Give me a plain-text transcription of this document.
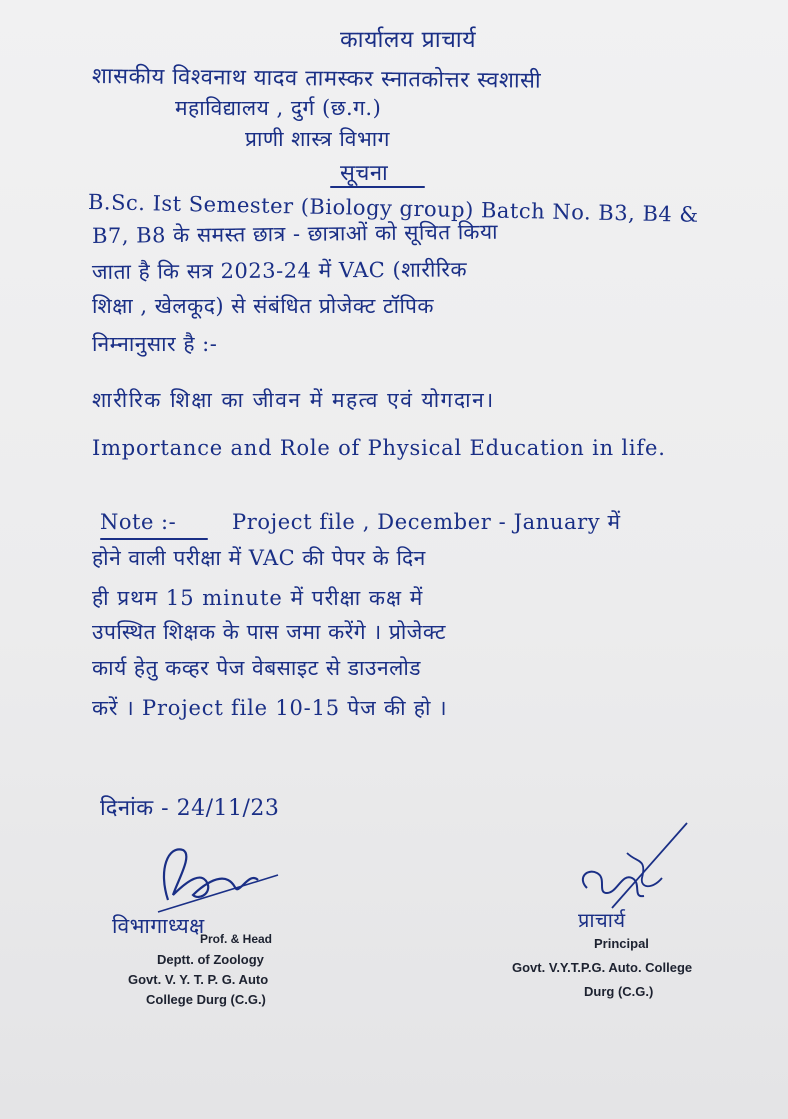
कार्यालय प्राचार्य
शासकीय विश्वनाथ यादव तामस्कर स्नातकोत्तर स्वशासी
महाविद्यालय , दुर्ग (छ.ग.)
प्राणी शास्त्र विभाग
सूचना
B.Sc. Ist Semester (Biology group) Batch No. B3, B4 &
B7, B8 के समस्त छात्र - छात्राओं को सूचित किया
जाता है कि सत्र 2023-24 में VAC (शारीरिक
शिक्षा , खेलकूद) से संबंधित प्रोजेक्ट टॉपिक
निम्नानुसार है :-
शारीरिक शिक्षा का जीवन में महत्व एवं योगदान।
Importance and Role of Physical Education in life.
Note :-	Project file , December - January में
होने वाली परीक्षा में VAC की पेपर के दिन
ही प्रथम 15 minute में परीक्षा कक्ष में
उपस्थित शिक्षक के पास जमा करेंगे । प्रोजेक्ट
कार्य हेतु कव्हर पेज वेबसाइट से डाउनलोड
करें । Project file 10-15 पेज की हो ।
दिनांक - 24/11/23
विभागाध्यक्ष
Prof. & Head
Deptt. of Zoology
Govt. V. Y. T. P. G. Auto
College Durg (C.G.)
प्राचार्य
Principal
Govt. V.Y.T.P.G. Auto. College
Durg (C.G.)
